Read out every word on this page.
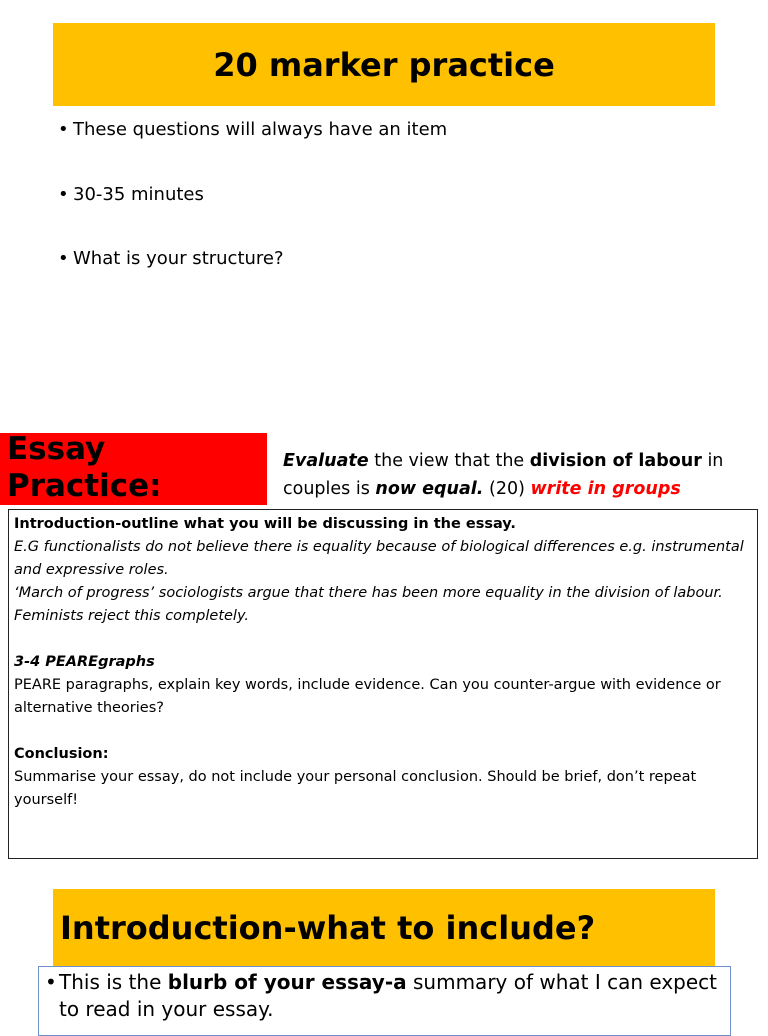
20 marker practice
• These questions will always have an item
• 30-35 minutes
• What is your structure?
Essay
Practice:
Evaluate the view that the division of labour in couples is now equal. (20) write in groups

Introduction-outline what you will be discussing in the essay.

E.G functionalists do not believe there is equality because of biological differences e.g. instrumental and expressive roles.

‘March of progress’ sociologists argue that there has been more equality in the division of labour.

Feminists reject this completely.

3-4 PEAREgraphs

PEARE paragraphs, explain key words, include evidence. Can you counter-argue with evidence or alternative theories?

Conclusion:

Summarise your essay, do not include your personal conclusion. Should be brief, don’t repeat yourself!

Introduction-what to include?
• This is the blurb of your essay-a summary of what I can expect to read in your essay.
